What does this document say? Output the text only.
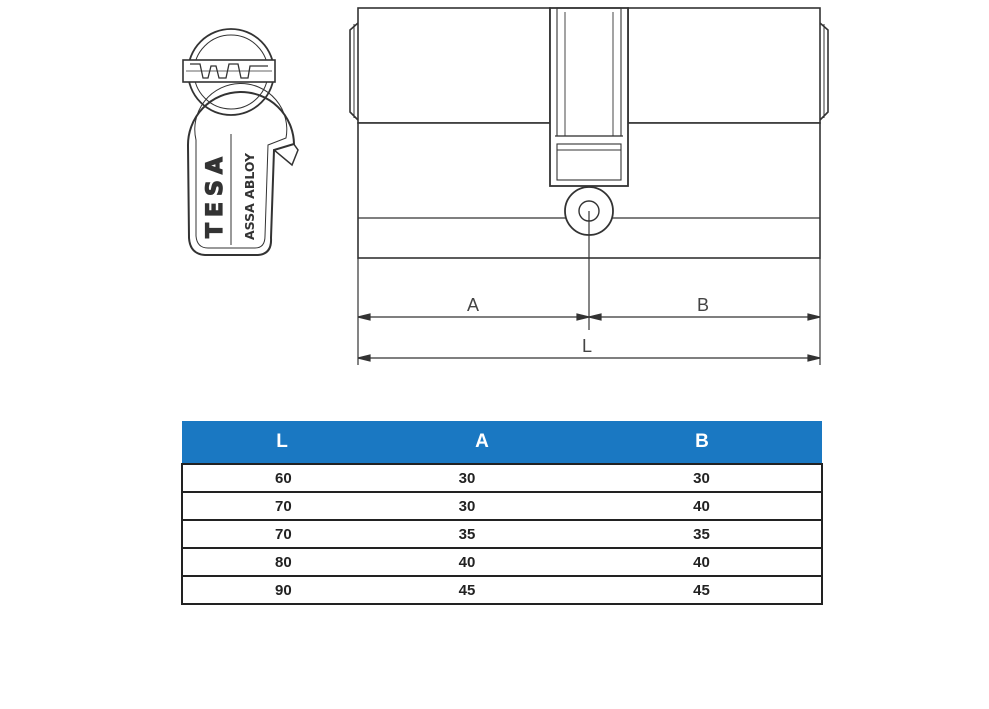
TESA ASSA ABLOY
A	B
L
L	A	B
60	30	30
70	30	40
70	35	35
80	40	40
90	45	45
